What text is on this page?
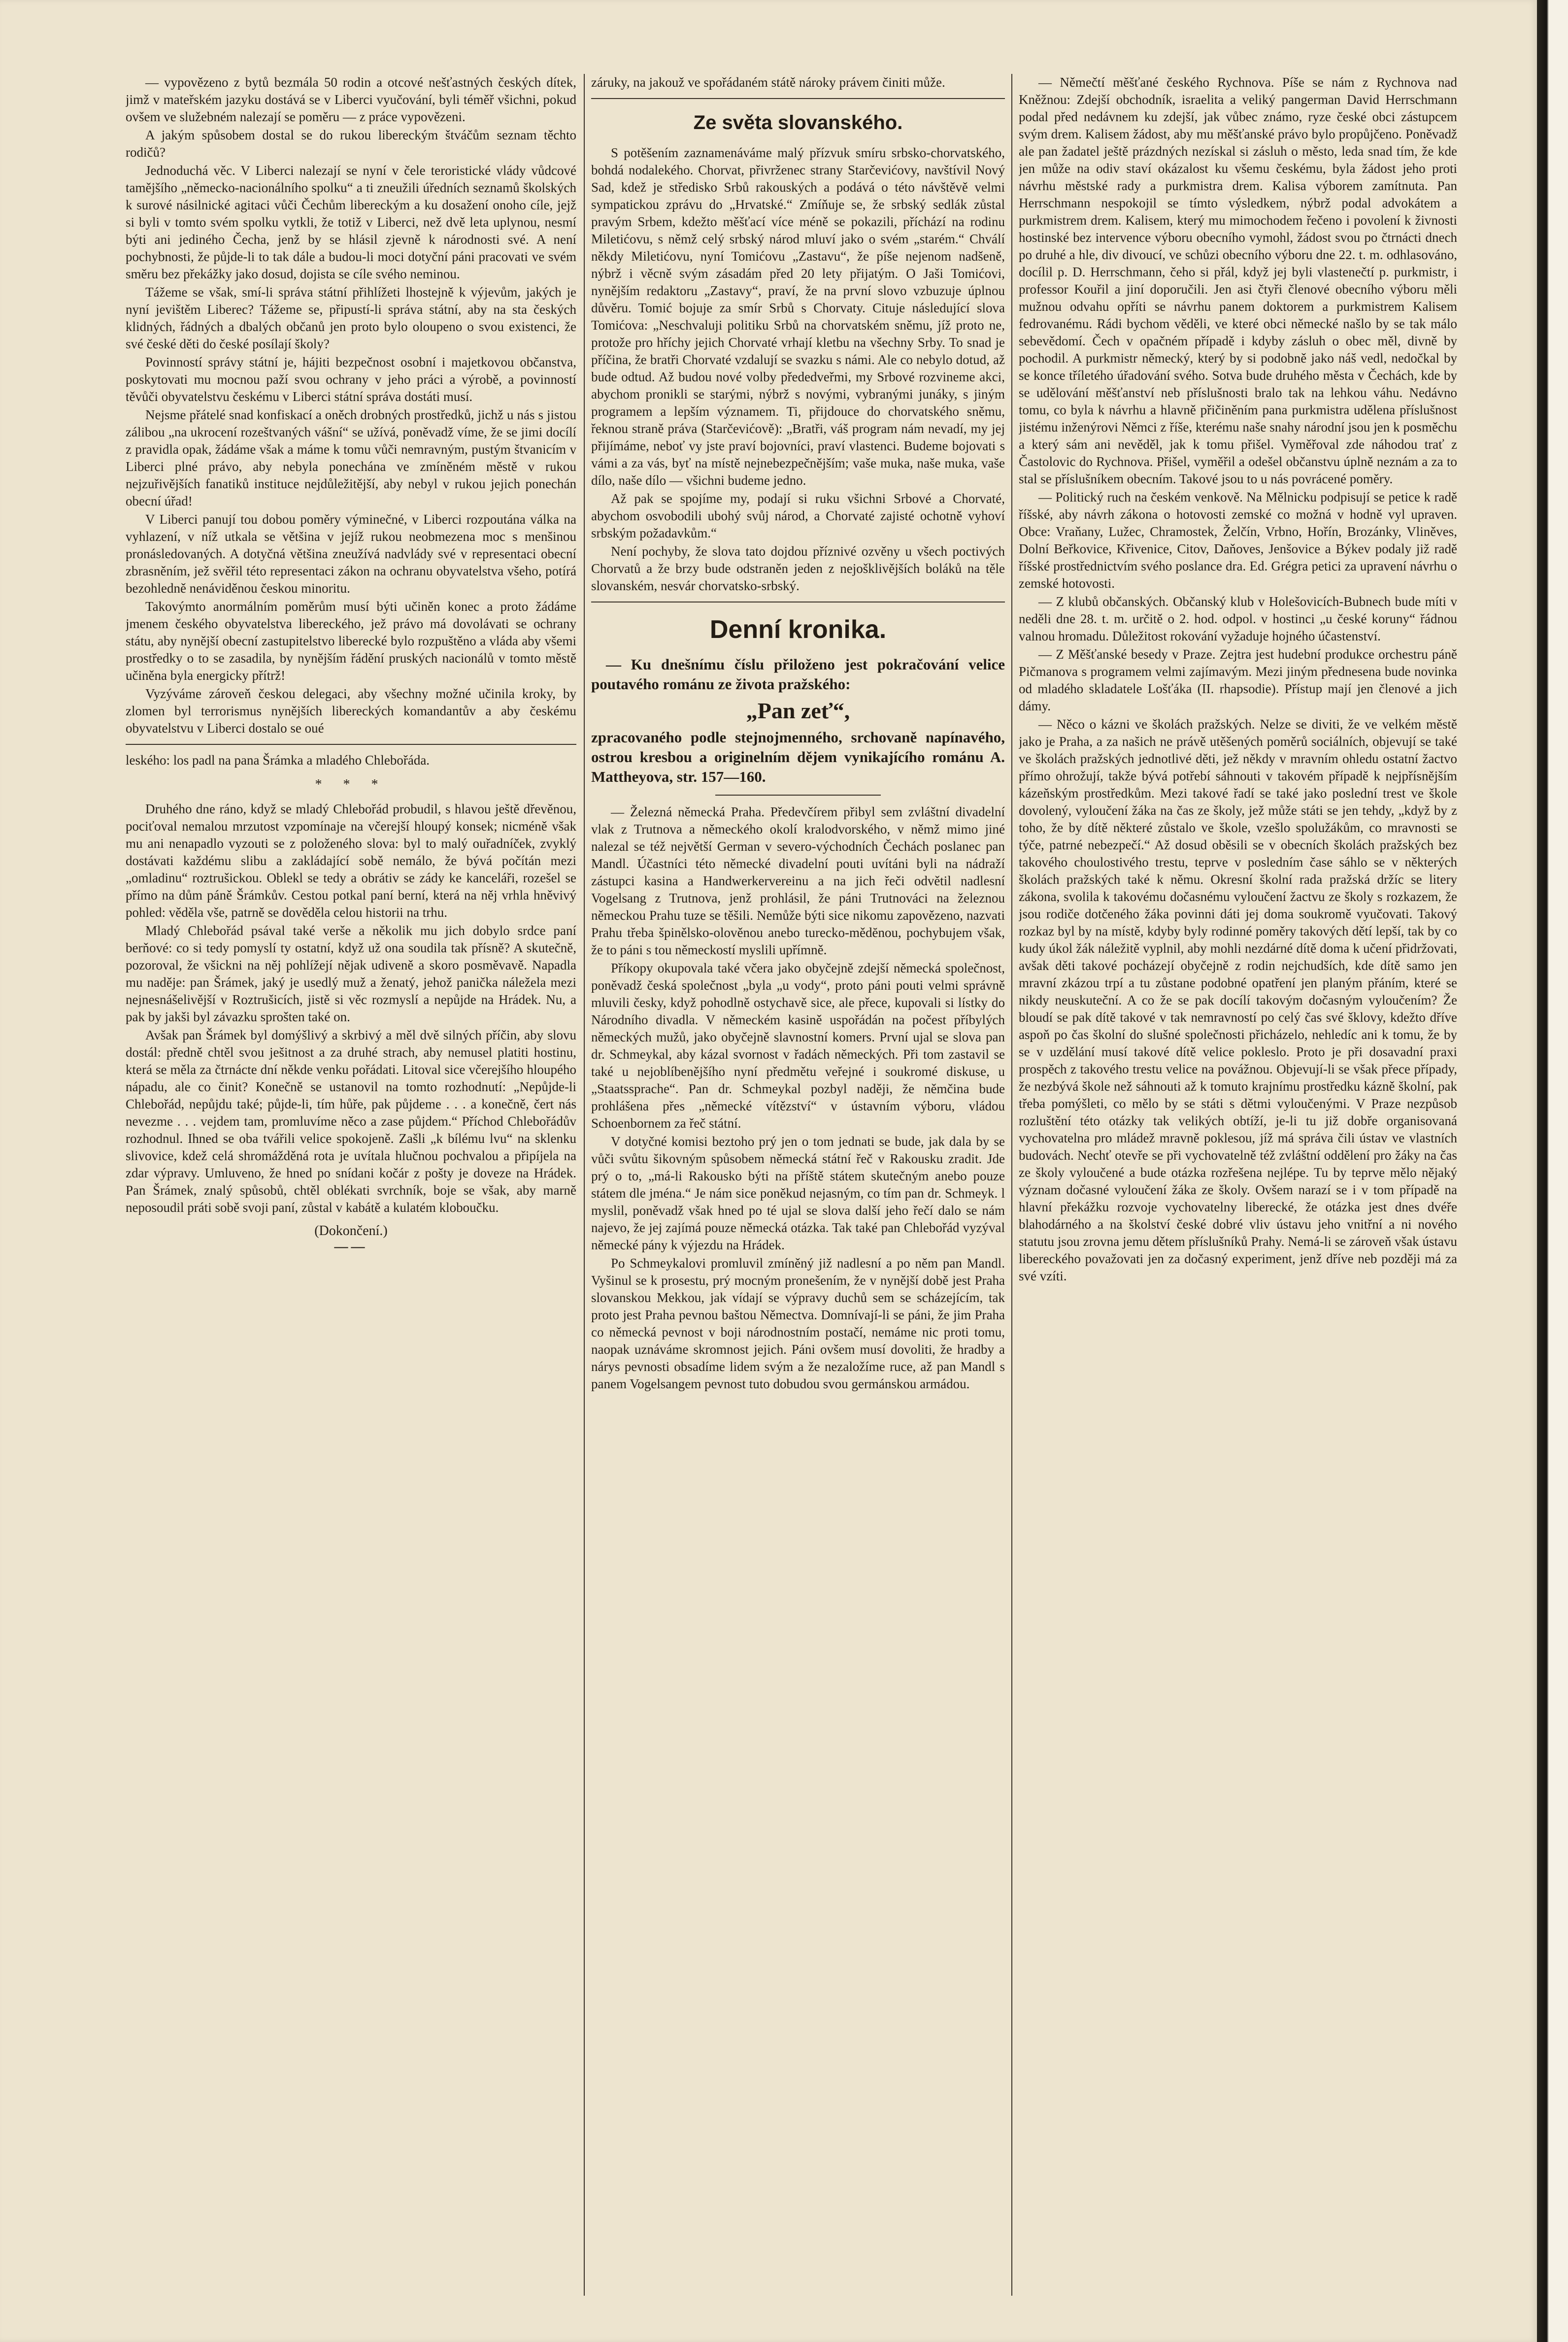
— vypovězeno z bytů bezmála 50 rodin a otcové nešťastných českých dítek, jimž v mateřském jazyku dostává se v Liberci vyučování, byli téměř všichni, pokud ovšem ve služebném nalezají se poměru — z práce vypovězeni.

A jakým spůsobem dostal se do rukou libereckým štváčům seznam těchto rodičů?

Jednoduchá věc. V Liberci nalezají se nyní v čele teroristické vlády vůdcové tamějšího „německo-nacionálního spolku“ a ti zneužili úředních seznamů školských k surové násilnické agitaci vůči Čechům libereckým a ku dosažení onoho cíle, jejž si byli v tomto svém spolku vytkli, že totiž v Liberci, než dvě leta uplynou, nesmí býti ani jediného Čecha, jenž by se hlásil zjevně k národnosti své. A není pochybnosti, že půjde-li to tak dále a budou-li moci dotyční páni pracovati ve svém směru bez překážky jako dosud, dojista se cíle svého neminou.

Tážeme se však, smí-li správa státní přihlížeti lhostejně k výjevům, jakých je nyní jevištěm Liberec? Tážeme se, připustí-li správa státní, aby na sta českých klidných, řádných a dbalých občanů jen proto bylo oloupeno o svou existenci, že své české děti do české posílají školy?

Povinností správy státní je, hájiti bezpečnost osobní i majetkovou občanstva, poskytovati mu mocnou paží svou ochrany v jeho práci a výrobě, a povinností těvůči obyvatelstvu českému v Liberci státní správa dostáti musí.

Nejsme přátelé snad konfiskací a oněch drobných prostředků, jichž u nás s jistou zálibou „na ukrocení rozeštvaných vášní“ se užívá, poněvadž víme, že se jimi docílí z pravidla opak, žádáme však a máme k tomu vůči nemravným, pustým štvanicím v Liberci plné právo, aby nebyla ponechána ve zmíněném městě v rukou nejzuřivějších fanatiků instituce nejdůležitější, aby nebyl v rukou jejich ponechán obecní úřad!

V Liberci panují tou dobou poměry výminečné, v Liberci rozpoutána válka na vyhlazení, v níž utkala se většina v jejíž rukou neobmezena moc s menšinou pronásledovaných. A dotyčná většina zneužívá nadvlády své v representaci obecní zbrasněním, jež svěřil této representaci zákon na ochranu obyvatelstva všeho, potírá bezohledně nenáviděnou českou minoritu.

Takovýmto anormálním poměrům musí býti učiněn konec a proto žádáme jmenem českého obyvatelstva libereckého, jež právo má dovolávati se ochrany státu, aby nynější obecní zastupitelstvo liberecké bylo rozpuštěno a vláda aby všemi prostředky o to se zasadila, by nynějším řádění pruských nacionálů v tomto městě učiněna byla energicky přítrž!

Vyzýváme zároveň českou delegaci, aby všechny možné učinila kroky, by zlomen byl terrorismus nynějších libereckých komandantův a aby českému obyvatelstvu v Liberci dostalo se oué

leského: los padl na pana Šrámka a mladého Chlebořáda.

* * *

Druhého dne ráno, když se mladý Chlebořád probudil, s hlavou ještě dřevěnou, pociťoval nemalou mrzutost vzpomínaje na včerejší hloupý konsek; nicméně však mu ani nenapadlo vyzouti se z položeného slova: byl to malý ouřadníček, zvyklý dostávati každému slibu a zakládající sobě nemálo, že bývá počítán mezi „omladinu“ roztrušickou. Oblekl se tedy a obrátiv se zády ke kanceláři, rozešel se přímo na dům páně Šrámkův. Cestou potkal paní berní, která na něj vrhla hněvivý pohled: věděla vše, patrně se dověděla celou historii na trhu.

Mladý Chlebořád psával také verše a několik mu jich dobylo srdce paní berňové: co si tedy pomyslí ty ostatní, když už ona soudila tak přísně? A skutečně, pozoroval, že všickni na něj pohlížejí nějak udiveně a skoro posměvavě. Napadla mu naděje: pan Šrámek, jaký je usedlý muž a ženatý, jehož panička náležela mezi nejnesnášelivější v Roztrušicích, jistě si věc rozmyslí a nepůjde na Hrádek. Nu, a pak by jakši byl závazku sprošten také on.

Avšak pan Šrámek byl domýšlivý a skrbivý a měl dvě silných příčin, aby slovu dostál: předně chtěl svou ješitnost a za druhé strach, aby nemusel platiti hostinu, která se měla za čtrnácte dní někde venku pořádati. Litoval sice včerejšího hloupého nápadu, ale co činit? Konečně se ustanovil na tomto rozhodnutí: „Nepůjde-li Chlebořád, nepůjdu také; půjde-li, tím hůře, pak půjdeme . . . a konečně, čert nás nevezme . . . vejdem tam, promluvíme něco a zase půjdem.“ Příchod Chlebořádův rozhodnul. Ihned se oba tvářili velice spokojeně. Zašli „k bílému lvu“ na sklenku slivovice, kdež celá shromážděná rota je uvítala hlučnou pochvalou a připíjela na zdar výpravy. Umluveno, že hned po snídani kočár z pošty je doveze na Hrádek. Pan Šrámek, znalý spůsobů, chtěl oblékati svrchník, boje se však, aby marně neposoudil práti sobě svoji paní, zůstal v kabátě a kulatém kloboučku.

(Dokončení.)
——

záruky, na jakouž ve spořádaném státě nároky právem činiti může.

Ze světa slovanského.

S potěšením zaznamenáváme malý přízvuk smíru srbsko-chorvatského, bohdá nodalekého. Chorvat, přivrženec strany Starčevićovy, navštívil Nový Sad, kdež je středisko Srbů rakouských a podává o této návštěvě velmi sympatickou zprávu do „Hrvatské.“ Zmíňuje se, že srbský sedlák zůstal pravým Srbem, kdežto měšťací více méně se pokazili, příchází na rodinu Miletićovu, s němž celý srbský národ mluví jako o svém „starém.“ Chválí někdy Miletićovu, nyní Tomićovu „Zastavu“, že píše nejenom nadšeně, nýbrž i věcně svým zásadám před 20 lety přijatým. O Jaši Tomićovi, nynějším redaktoru „Zastavy“, praví, že na první slovo vzbuzuje úplnou důvěru. Tomić bojuje za smír Srbů s Chorvaty. Cituje následující slova Tomićova: „Neschvaluji politiku Srbů na chorvatském sněmu, jíž proto ne, protože pro hříchy jejich Chorvaté vrhají kletbu na všechny Srby. To snad je příčina, že bratři Chorvaté vzdalují se svazku s námi. Ale co nebylo dotud, až bude odtud. Až budou nové volby přededveřmi, my Srbové rozvineme akci, abychom pronikli se starými, nýbrž s novými, vybranými junáky, s jiným programem a lepším významem. Ti, přijdouce do chorvatského sněmu, řeknou straně práva (Starčevićově): „Bratři, váš program nám nevadí, my jej přijímáme, neboť vy jste praví bojovníci, praví vlastenci. Budeme bojovati s vámi a za vás, byť na místě nejnebezpečnějším; vaše muka, naše muka, vaše dílo, naše dílo — všichni budeme jedno.

Až pak se spojíme my, podají si ruku všichni Srbové a Chorvaté, abychom osvobodili ubohý svůj národ, a Chorvaté zajisté ochotně vyhoví srbským požadavkům.“

Není pochyby, že slova tato dojdou příznivé ozvěny u všech poctivých Chorvatů a že brzy bude odstraněn jeden z nejošklivějších boláků na těle slovanském, nesvár chorvatsko-srbský.

Denní kronika.

— Ku dnešnímu číslu přiloženo jest pokračování velice poutavého románu ze života pražského:

„Pan zeť“,

zpracovaného podle stejnojmenného, srchovaně napínavého, ostrou kresbou a originelním dějem vynikajícího románu A. Mattheyova, str. 157—160.

— Železná německá Praha. Předevčírem přibyl sem zvláštní divadelní vlak z Trutnova a německého okolí kralodvorského, v němž mimo jiné nalezal se též největší German v severo-východních Čechách poslanec pan Mandl. Účastníci této německé divadelní pouti uvítáni byli na nádraží zástupci kasina a Handwerkervereinu a na jich řeči odvětil nadlesní Vogelsang z Trutnova, jenž prohlásil, že páni Trutnováci na železnou německou Prahu tuze se těšili. Nemůže býti sice nikomu zapovězeno, nazvati Prahu třeba špinělsko-olověnou anebo turecko-mědĕnou, pochybujem však, že to páni s tou německostí myslili upřímně.

Příkopy okupovala také včera jako obyčejně zdejší německá společnost, poněvadž česká společnost „byla „u vody“, proto páni pouti velmi správně mluvili česky, když pohodlně ostychavě sice, ale přece, kupovali si lístky do Národního divadla. V německém kasině uspořádán na počest příbylých německých mužů, jako obyčejně slavnostní komers. První ujal se slova pan dr. Schmeykal, aby kázal svornost v řadách německých. Při tom zastavil se také u nejoblíbenějšího nyní předmětu veřejné i soukromé diskuse, u „Staatssprache“. Pan dr. Schmeykal pozbyl naději, že němčina bude prohlášena přes „německé vítězství“ v ústavním výboru, vládou Schoenbornem za řeč státní.

V dotyčné komisi beztoho prý jen o tom jednati se bude, jak dala by se vůči svůtu šikovným spůsobem německá státní řeč v Rakousku zradit. Jde prý o to, „má-li Rakousko býti na příště státem skutečným anebo pouze státem dle jména.“ Je nám sice poněkud nejasným, co tím pan dr. Schmeyk. l myslil, poněvadž však hned po té ujal se slova další jeho řečí dalo se nám najevo, že jej zajímá pouze německá otázka. Tak také pan Chlebořád vyzýval německé pány k výjezdu na Hrádek.

Po Schmeykalovi promluvil zmíněný již nadlesní a po něm pan Mandl. Vyšinul se k prosestu, prý mocným pronešením, že v nynější době jest Praha slovanskou Mekkou, jak vídají se výpravy duchů sem se scházejícím, tak proto jest Praha pevnou baštou Němectva. Domnívají-li se páni, že jim Praha co německá pevnost v boji národnostním postačí, nemáme nic proti tomu, naopak uznáváme skromnost jejich. Páni ovšem musí dovoliti, že hradby a nárys pevnosti obsadíme lidem svým a že nezaložíme ruce, až pan Mandl s panem Vogelsangem pevnost tuto dobudou svou germánskou armádou.

— Němečtí měšťané českého Rychnova. Píše se nám z Rychnova nad Kněžnou: Zdejší obchodník, israelita a veliký pangerman David Herrschmann podal před nedávnem ku zdejší, jak vůbec známo, ryze české obci zástupcem svým drem. Kalisem žádost, aby mu měšťanské právo bylo propůjčeno. Poněvadž ale pan žadatel ještě prázdných nezískal si zásluh o město, leda snad tím, že kde jen může na odiv staví okázalost ku všemu českému, byla žádost jeho proti návrhu městské rady a purkmistra drem. Kalisa výborem zamítnuta. Pan Herrschmann nespokojil se tímto výsledkem, nýbrž podal advokátem a purkmistrem drem. Kalisem, který mu mimochodem řečeno i povolení k živnosti hostinské bez intervence výboru obecního vymohl, žádost svou po čtrnácti dnech po druhé a hle, div divoucí, ve schůzi obecního výboru dne 22. t. m. odhlasováno, docílil p. D. Herrschmann, čeho si přál, když jej byli vlastenečtí p. purkmistr, i professor Kouřil a jiní doporučili. Jen asi čtyři členové obecního výboru měli mužnou odvahu opříti se návrhu panem doktorem a purkmistrem Kalisem fedrovanému. Rádi bychom věděli, ve které obci německé našlo by se tak málo sebevědomí. Čech v opačném případě i kdyby zásluh o obec měl, divně by pochodil. A purkmistr německý, který by si podobně jako náš vedl, nedočkal by se konce tříletého úřadování svého. Sotva bude druhého města v Čechách, kde by se udělování měšťanství neb příslušnosti bralo tak na lehkou váhu. Nedávno tomu, co byla k návrhu a hlavně přičiněním pana purkmistra udělena příslušnost jistému inženýrovi Němci z říše, kterému naše snahy národní jsou jen k posměchu a který sám ani nevěděl, jak k tomu přišel. Vyměřoval zde náhodou trať z Častolovic do Rychnova. Přišel, vyměřil a odešel občanstvu úplně neznám a za to stal se příslušníkem obecním. Takové jsou to u nás povrácené poměry.

— Politický ruch na českém venkově. Na Mělnicku podpisují se petice k radě říšské, aby návrh zákona o hotovosti zemské co možná v hodně vyl upraven. Obce: Vraňany, Lužec, Chramostek, Želčín, Vrbno, Hořín, Brozánky, Vliněves, Dolní Beřkovice, Křivenice, Citov, Daňoves, Jenšovice a Býkev podaly již radě říšské prostřednictvím svého poslance dra. Ed. Grégra petici za upravení návrhu o zemské hotovosti.

— Z klubů občanských. Občanský klub v Holešovicích-Bubnech bude míti v neděli dne 28. t. m. určitě o 2. hod. odpol. v hostinci „u české koruny“ řádnou valnou hromadu. Důležitost rokování vyžaduje hojného účastenství.

— Z Měšťanské besedy v Praze. Zejtra jest hudební produkce orchestru páně Pičmanova s programem velmi zajímavým. Mezi jiným přednesena bude novinka od mladého skladatele Lošťáka (II. rhapsodie). Přístup mají jen členové a jich dámy.

— Něco o kázni ve školách pražských. Nelze se diviti, že ve velkém městě jako je Praha, a za našich ne právě utěšených poměrů sociálních, objevují se také ve školách pražských jednotlivé děti, jež někdy v mravním ohledu ostatní žactvo přímo ohrožují, takže bývá potřebí sáhnouti v takovém případě k nejpřísnějším kázeňským prostředkům. Mezi takové řadí se také jako poslední trest ve škole dovolený, vyloučení žáka na čas ze školy, jež může státi se jen tehdy, „když by z toho, že by dítě některé zůstalo ve škole, vzešlo spolužákům, co mravnosti se týče, patrné nebezpečí.“ Až dosud oběsili se v obecních školách pražských bez takového choulostivého trestu, teprve v posledním čase sáhlo se v některých školách pražských také k němu. Okresní školní rada pražská držíc se litery zákona, svolila k takovému dočasnému vyloučení žactvu ze školy s rozkazem, že jsou rodiče dotčeného žáka povinni dáti jej doma soukromě vyučovati. Takový rozkaz byl by na místě, kdyby byly rodinné poměry takových dětí lepší, tak by co kudy úkol žák náležitě vyplnil, aby mohli nezdárné dítě doma k učení přidržovati, avšak děti takové pocházejí obyčejně z rodin nejchudších, kde dítě samo jen mravní zkázou trpí a tu zůstane podobné opatření jen planým přáním, které se nikdy neuskuteční. A co že se pak docílí takovým dočasným vyloučením? Že bloudí se pak dítě takové v tak nemravností po celý čas své šklovy, kdežto dříve aspoň po čas školní do slušné společnosti přicházelo, nehledíc ani k tomu, že by se v uzdělání musí takové dítě velice pokleslo. Proto je při dosavadní praxi prospěch z takového trestu velice na povážnou. Objevují-li se však přece případy, že nezbývá škole než sáhnouti až k tomuto krajnímu prostředku kázně školní, pak třeba pomýšleti, co mělo by se státi s dětmi vyloučenými. V Praze nezpůsob rozluštění této otázky tak velikých obtíží, je-li tu již dobře organisovaná vychovatelna pro mládež mravně poklesou, jíž má správa čili ústav ve vlastních budovách. Nechť otevře se při vychovatelně též zvláštní oddělení pro žáky na čas ze školy vyloučené a bude otázka rozřešena nejlépe. Tu by teprve mělo nějaký význam dočasné vyloučení žáka ze školy. Ovšem narazí se i v tom případě na hlavní překážku rozvoje vychovatelny liberecké, že otázka jest dnes dvéře blahodárného a na školství české dobré vliv ústavu jeho vnitřní a ni nového statutu jsou zrovna jemu dětem příslušníků Prahy. Nemá-li se zároveň však ústavu libereckého považovati jen za dočasný experiment, jenž dříve neb později má za své vzíti.
